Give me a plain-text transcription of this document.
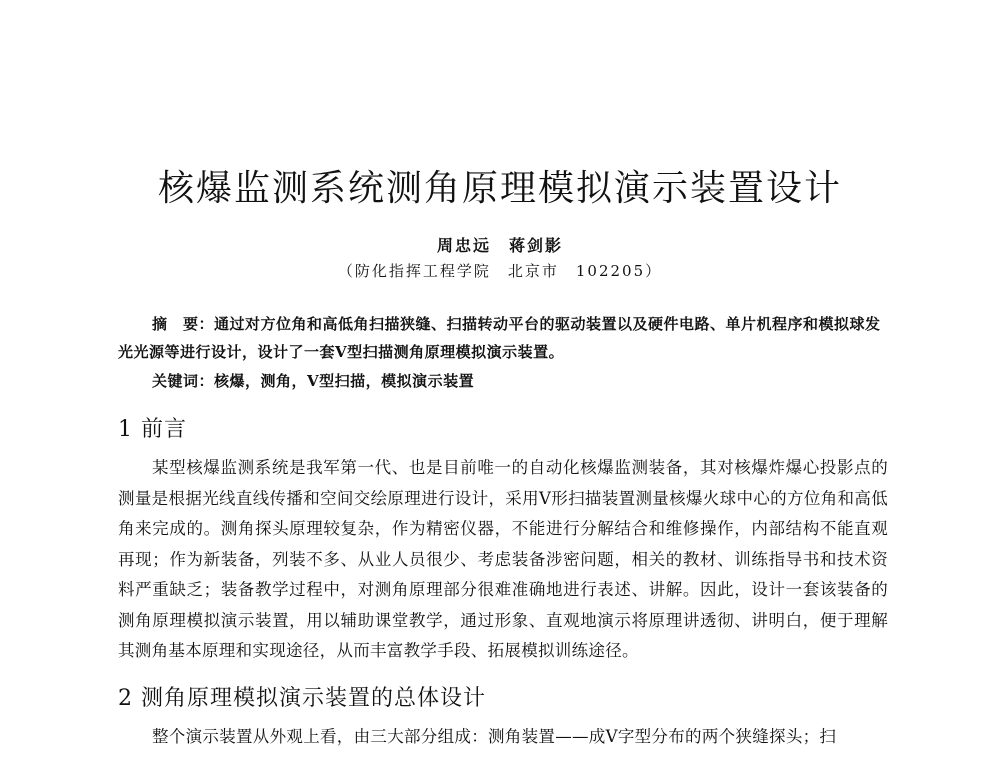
核爆监测系统测角原理模拟演示装置设计
周忠远　蒋剑影
（防化指挥工程学院　北京市　102205）

摘　要：通过对方位角和高低角扫描狭缝、扫描转动平台的驱动装置以及硬件电路、单片机程序和模拟球发光光源等进行设计，设计了一套V型扫描测角原理模拟演示装置。

关键词：核爆，测角，V型扫描，模拟演示装置
1 前言

某型核爆监测系统是我军第一代、也是目前唯一的自动化核爆监测装备，其对核爆炸爆心投影点的测量是根据光线直线传播和空间交绘原理进行设计，采用V形扫描装置测量核爆火球中心的方位角和高低角来完成的。测角探头原理较复杂，作为精密仪器，不能进行分解结合和维修操作，内部结构不能直观再现；作为新装备，列装不多、从业人员很少、考虑装备涉密问题，相关的教材、训练指导书和技术资料严重缺乏；装备教学过程中，对测角原理部分很难准确地进行表述、讲解。因此，设计一套该装备的测角原理模拟演示装置，用以辅助课堂教学，通过形象、直观地演示将原理讲透彻、讲明白，便于理解其测角基本原理和实现途径，从而丰富教学手段、拓展模拟训练途径。

2 测角原理模拟演示装置的总体设计

整个演示装置从外观上看，由三大部分组成：测角装置——成V字型分布的两个狭缝探头；扫
